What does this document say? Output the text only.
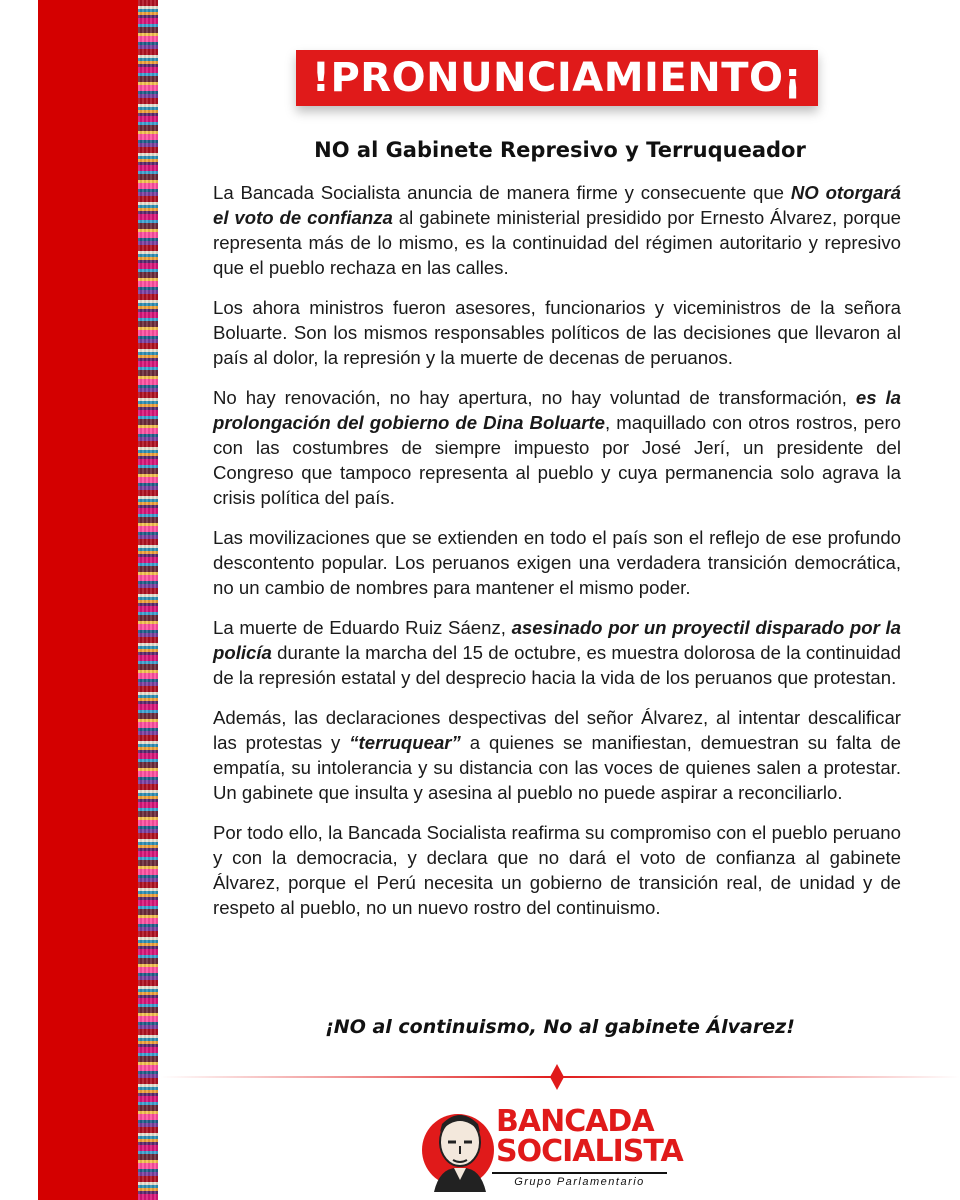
!PRONUNCIAMIENTO¡
NO al Gabinete Represivo y Terruqueador

La Bancada Socialista anuncia de manera firme y consecuente que NO otorgará el voto de confianza al gabinete ministerial presidido por Ernesto Álvarez, porque representa más de lo mismo, es la continuidad del régimen autoritario y represivo que el pueblo rechaza en las calles.

Los ahora ministros fueron asesores, funcionarios y viceministros de la señora Boluarte. Son los mismos responsables políticos de las decisiones que llevaron al país al dolor, la represión y la muerte de decenas de peruanos.

No hay renovación, no hay apertura, no hay voluntad de transformación, es la prolongación del gobierno de Dina Boluarte, maquillado con otros rostros, pero con las costumbres de siempre impuesto por José Jerí, un presidente del Congreso que tampoco representa al pueblo y cuya permanencia solo agrava la crisis política del país.

Las movilizaciones que se extienden en todo el país son el reflejo de ese profundo descontento popular. Los peruanos exigen una verdadera transición democrática, no un cambio de nombres para mantener el mismo poder.

La muerte de Eduardo Ruiz Sáenz, asesinado por un proyectil disparado por la policía durante la marcha del 15 de octubre, es muestra dolorosa de la continuidad de la represión estatal y del desprecio hacia la vida de los peruanos que protestan.

Además, las declaraciones despectivas del señor Álvarez, al intentar descalificar las protestas y “terruquear” a quienes se manifiestan, demuestran su falta de empatía, su intolerancia y su distancia con las voces de quienes salen a protestar. Un gabinete que insulta y asesina al pueblo no puede aspirar a reconciliarlo.

Por todo ello, la Bancada Socialista reafirma su compromiso con el pueblo peruano y con la democracia, y declara que no dará el voto de confianza al gabinete Álvarez, porque el Perú necesita un gobierno de transición real, de unidad y de respeto al pueblo, no un nuevo rostro del continuismo.

¡NO al continuismo, No al gabinete Álvarez!
BANCADA
SOCIALISTA
Grupo Parlamentario
